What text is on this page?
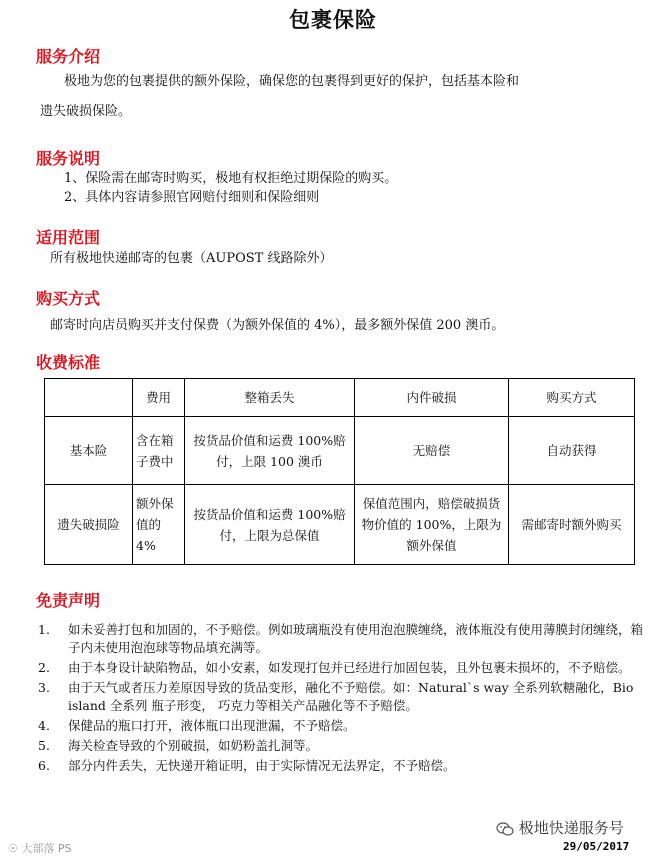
包裹保险
服务介绍
极地为您的包裹提供的额外保险，确保您的包裹得到更好的保护，包括基本险和
遗失破损保险。
服务说明
1、保险需在邮寄时购买，极地有权拒绝过期保险的购买。
2、具体内容请参照官网赔付细则和保险细则
适用范围
所有极地快递邮寄的包裹（AUPOST 线路除外）
购买方式
邮寄时向店员购买并支付保费（为额外保值的 4%），最多额外保值 200 澳币。
收费标准
	费用	整箱丢失	内件破损	购买方式
基本险	含在箱子费中	按货品价值和运费 100%赔付，上限 100 澳币	无赔偿	自动获得
遗失破损险	额外保值的 4%	按货品价值和运费 100%赔付，上限为总保值	保值范围内，赔偿破损货物价值的 100%，上限为额外保值	需邮寄时额外购买
免责声明
1. 如未妥善打包和加固的，不予赔偿。例如玻璃瓶没有使用泡泡膜缠绕，液体瓶没有使用薄膜封闭缠绕，箱子内未使用泡泡球等物品填充满等。
2. 由于本身设计缺陷物品，如小安素，如发现打包并已经进行加固包装，且外包裹未损坏的，不予赔偿。
3. 由于天气或者压力差原因导致的货品变形，融化不予赔偿。如：Natural`s way 全系列软糖融化，Bio island 全系列 瓶子形变， 巧克力等相关产品融化等不予赔偿。
4. 保健品的瓶口打开，液体瓶口出现泄漏，不予赔偿。
5. 海关检查导致的个别破损，如奶粉盖扎洞等。
6. 部分内件丢失，无快递开箱证明，由于实际情况无法界定，不予赔偿。
☉ 大部落 PS
极地快递服务号
29/05/2017
